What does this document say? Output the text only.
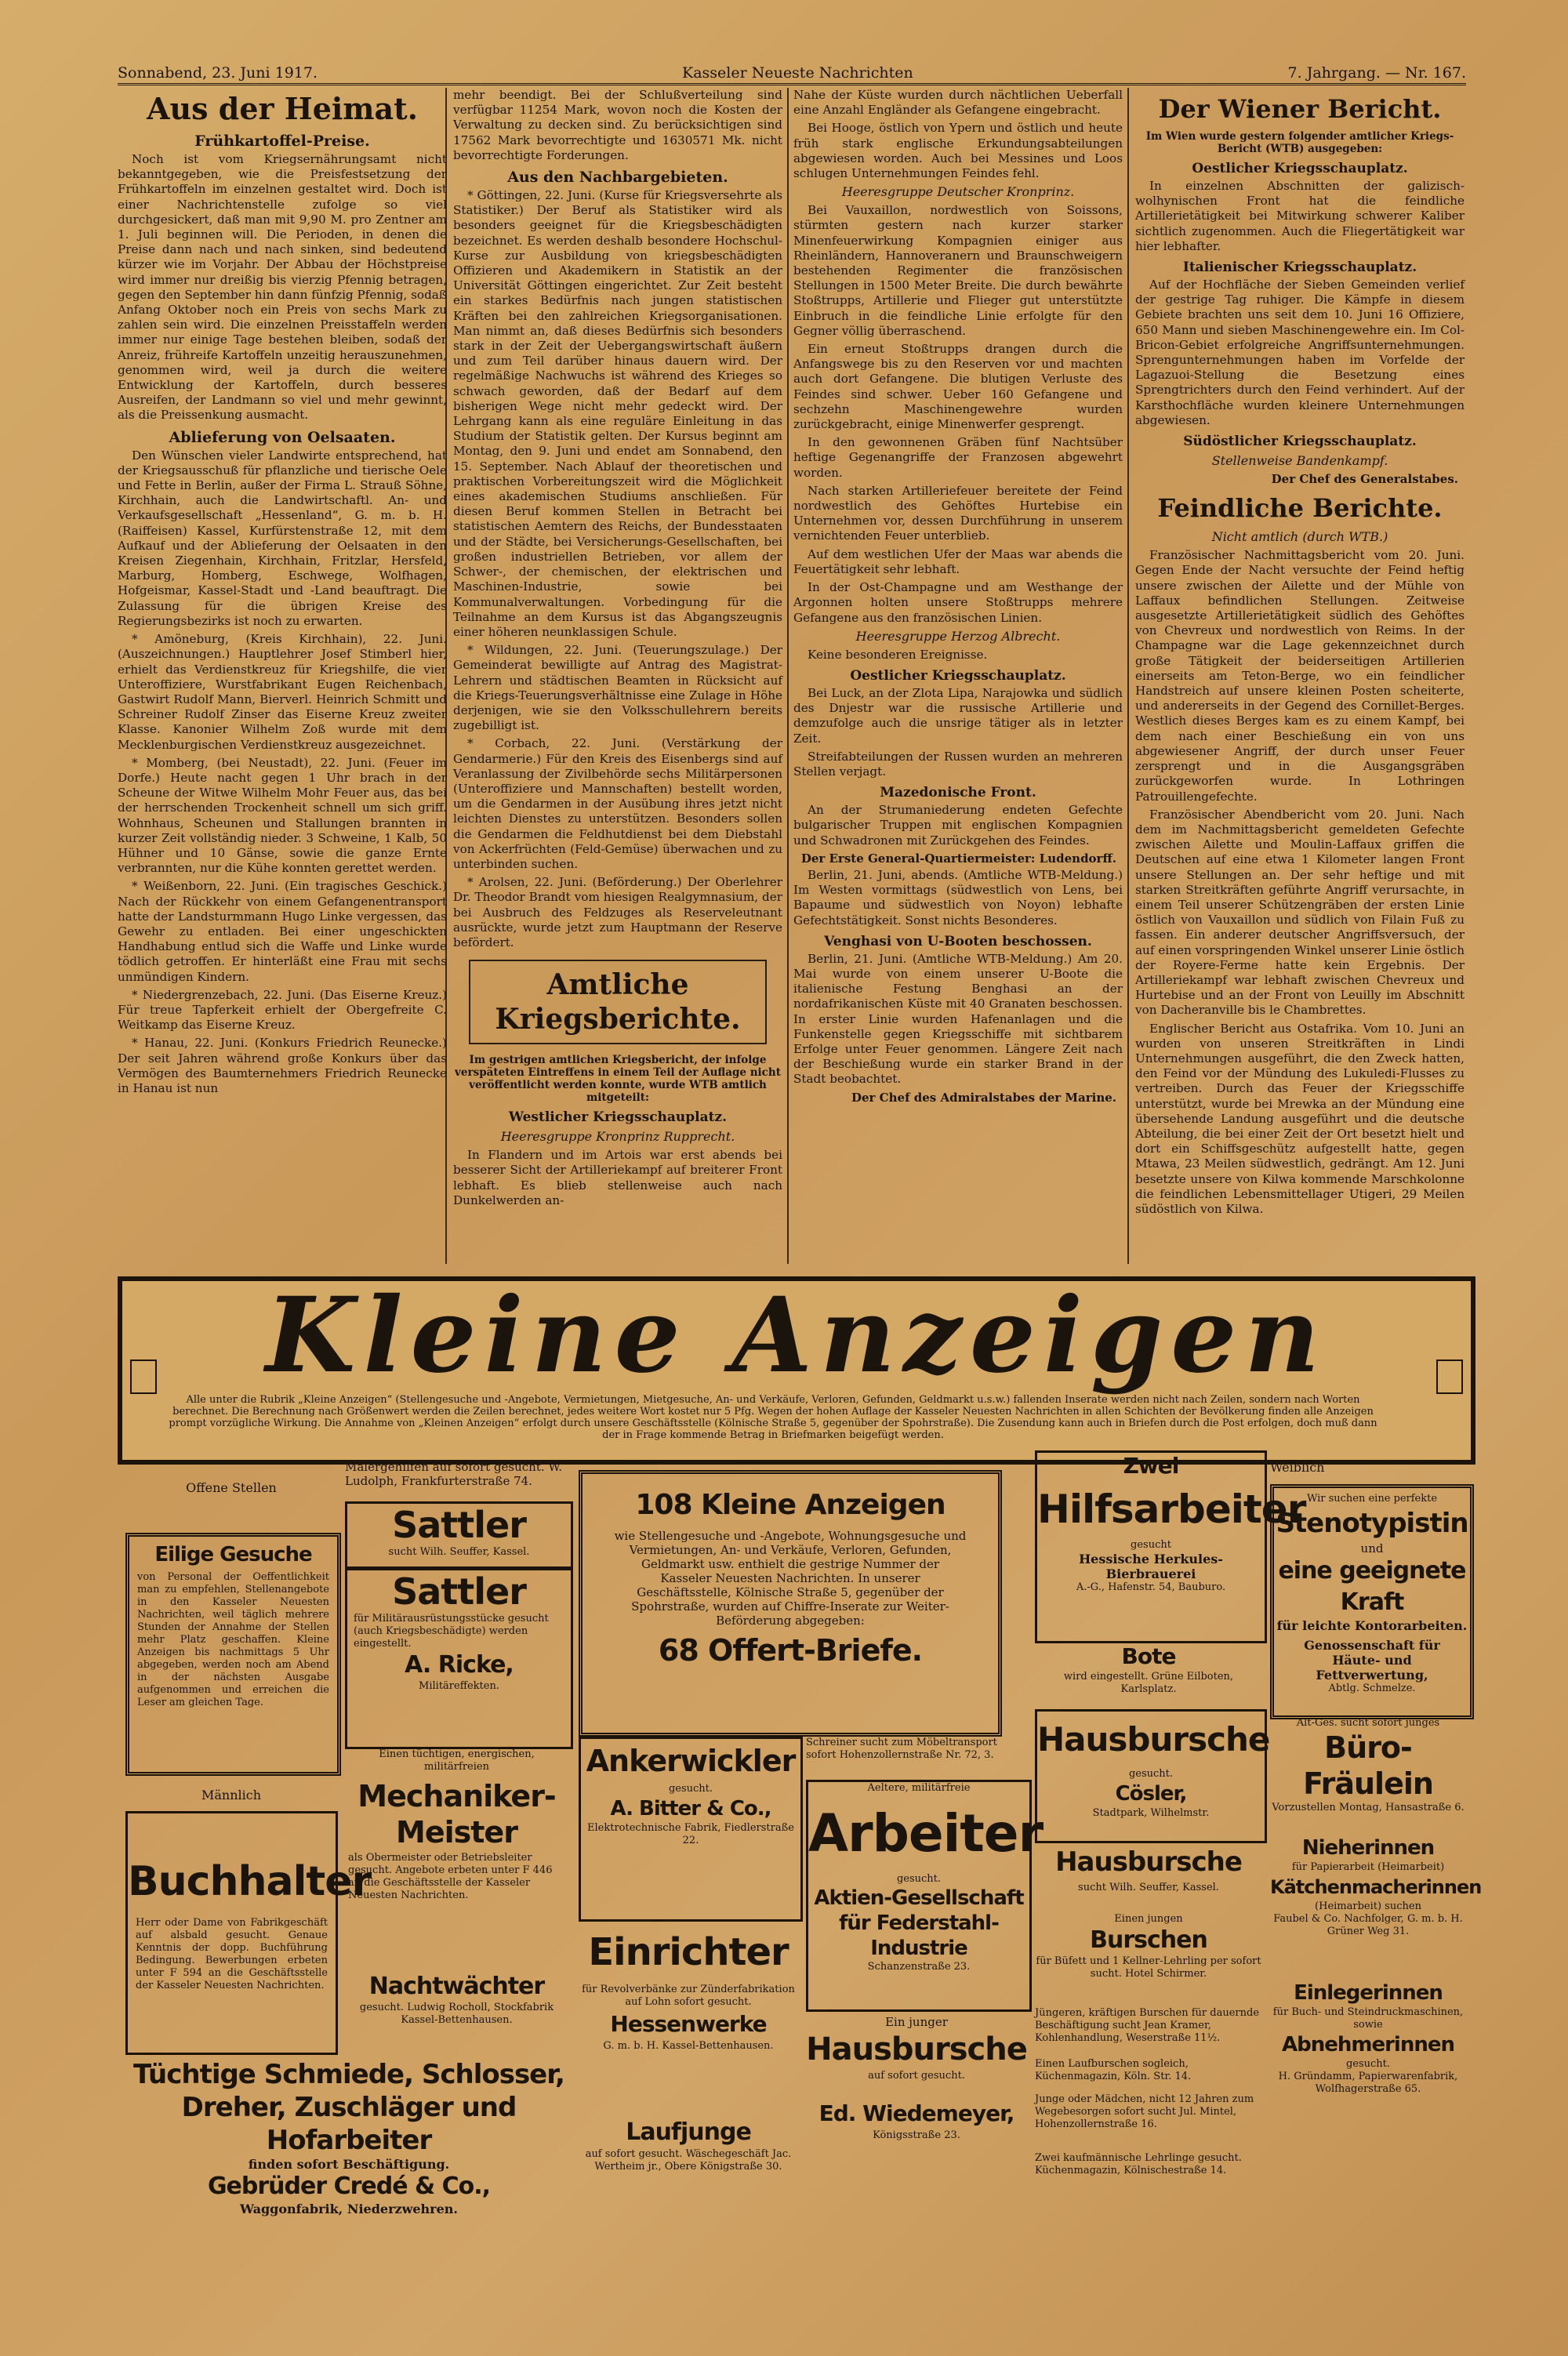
Sonnabend, 23. Juni 1917.	Kasseler Neueste Nachrichten	7. Jahrgang. — Nr. 167.
Aus der Heimat.
Frühkartoffel-Preise.

Noch ist vom Kriegsernährungsamt nicht bekanntgegeben, wie die Preisfestsetzung der Frühkartoffeln im einzelnen gestaltet wird. Doch ist einer Nachrichtenstelle zufolge so viel durchgesickert, daß man mit 9,90 M. pro Zentner am 1. Juli beginnen will. Die Perioden, in denen die Preise dann nach und nach sinken, sind bedeutend kürzer wie im Vorjahr. Der Abbau der Höchstpreise wird immer nur dreißig bis vierzig Pfennig betragen, gegen den September hin dann fünfzig Pfennig, sodaß Anfang Oktober noch ein Preis von sechs Mark zu zahlen sein wird. Die einzelnen Preisstaffeln werden immer nur einige Tage bestehen bleiben, sodaß der Anreiz, frühreife Kartoffeln unzeitig herauszunehmen, genommen wird, weil ja durch die weitere Entwicklung der Kartoffeln, durch besseres Ausreifen, der Landmann so viel und mehr gewinnt, als die Preissenkung ausmacht.

Ablieferung von Oelsaaten.

Den Wünschen vieler Landwirte entsprechend, hat der Kriegsausschuß für pflanzliche und tierische Oele und Fette in Berlin, außer der Firma L. Strauß Söhne, Kirchhain, auch die Landwirtschaftl. An- und Verkaufsgesellschaft „Hessenland“, G. m. b. H. (Raiffeisen) Kassel, Kurfürstenstraße 12, mit dem Aufkauf und der Ablieferung der Oelsaaten in den Kreisen Ziegenhain, Kirchhain, Fritzlar, Hersfeld, Marburg, Homberg, Eschwege, Wolfhagen, Hofgeismar, Kassel-Stadt und -Land beauftragt. Die Zulassung für die übrigen Kreise des Regierungsbezirks ist noch zu erwarten.

* Amöneburg, (Kreis Kirchhain), 22. Juni. (Auszeichnungen.) Hauptlehrer Josef Stimberl hier, erhielt das Verdienstkreuz für Kriegshilfe, die vier Unteroffiziere, Wurstfabrikant Eugen Reichenbach, Gastwirt Rudolf Mann, Bierverl. Heinrich Schmitt und Schreiner Rudolf Zinser das Eiserne Kreuz zweiter Klasse. Kanonier Wilhelm Zoß wurde mit dem Mecklenburgischen Verdienstkreuz ausgezeichnet.

* Momberg, (bei Neustadt), 22. Juni. (Feuer im Dorfe.) Heute nacht gegen 1 Uhr brach in der Scheune der Witwe Wilhelm Mohr Feuer aus, das bei der herrschenden Trockenheit schnell um sich griff. Wohnhaus, Scheunen und Stallungen brannten in kurzer Zeit vollständig nieder. 3 Schweine, 1 Kalb, 50 Hühner und 10 Gänse, sowie die ganze Ernte verbrannten, nur die Kühe konnten gerettet werden.

* Weißenborn, 22. Juni. (Ein tragisches Geschick.) Nach der Rückkehr von einem Gefangenentransport hatte der Landsturmmann Hugo Linke vergessen, das Gewehr zu entladen. Bei einer ungeschickten Handhabung entlud sich die Waffe und Linke wurde tödlich getroffen. Er hinterläßt eine Frau mit sechs unmündigen Kindern.

* Niedergrenzebach, 22. Juni. (Das Eiserne Kreuz.) Für treue Tapferkeit erhielt der Obergefreite C. Weitkamp das Eiserne Kreuz.

* Hanau, 22. Juni. (Konkurs Friedrich Reunecke.) Der seit Jahren während große Konkurs über das Vermögen des Baumternehmers Friedrich Reunecke in Hanau ist nun

mehr beendigt. Bei der Schlußverteilung sind verfügbar 11254 Mark, wovon noch die Kosten der Verwaltung zu decken sind. Zu berücksichtigen sind 17562 Mark bevorrechtigte und 1630571 Mk. nicht bevorrechtigte Forderungen.

Aus den Nachbargebieten.

* Göttingen, 22. Juni. (Kurse für Kriegsversehrte als Statistiker.) Der Beruf als Statistiker wird als besonders geeignet für die Kriegsbeschädigten bezeichnet. Es werden deshalb besondere Hochschul-Kurse zur Ausbildung von kriegsbeschädigten Offizieren und Akademikern in Statistik an der Universität Göttingen eingerichtet. Zur Zeit besteht ein starkes Bedürfnis nach jungen statistischen Kräften bei den zahlreichen Kriegsorganisationen. Man nimmt an, daß dieses Bedürfnis sich besonders stark in der Zeit der Uebergangswirtschaft äußern und zum Teil darüber hinaus dauern wird. Der regelmäßige Nachwuchs ist während des Krieges so schwach geworden, daß der Bedarf auf dem bisherigen Wege nicht mehr gedeckt wird. Der Lehrgang kann als eine reguläre Einleitung in das Studium der Statistik gelten. Der Kursus beginnt am Montag, den 9. Juni und endet am Sonnabend, den 15. September. Nach Ablauf der theoretischen und praktischen Vorbereitungszeit wird die Möglichkeit eines akademischen Studiums anschließen. Für diesen Beruf kommen Stellen in Betracht bei statistischen Aemtern des Reichs, der Bundesstaaten und der Städte, bei Versicherungs-Gesellschaften, bei großen industriellen Betrieben, vor allem der Schwer-, der chemischen, der elektrischen und Maschinen-Industrie, sowie bei Kommunalverwaltungen. Vorbedingung für die Teilnahme an dem Kursus ist das Abgangszeugnis einer höheren neunklassigen Schule.

* Wildungen, 22. Juni. (Teuerungszulage.) Der Gemeinderat bewilligte auf Antrag des Magistrat-Lehrern und städtischen Beamten in Rücksicht auf die Kriegs-Teuerungsverhältnisse eine Zulage in Höhe derjenigen, wie sie den Volksschullehrern bereits zugebilligt ist.

* Corbach, 22. Juni. (Verstärkung der Gendarmerie.) Für den Kreis des Eisenbergs sind auf Veranlassung der Zivilbehörde sechs Militärpersonen (Unteroffiziere und Mannschaften) bestellt worden, um die Gendarmen in der Ausübung ihres jetzt nicht leichten Dienstes zu unterstützen. Besonders sollen die Gendarmen die Feldhutdienst bei dem Diebstahl von Ackerfrüchten (Feld-Gemüse) überwachen und zu unterbinden suchen.

* Arolsen, 22. Juni. (Beförderung.) Der Oberlehrer Dr. Theodor Brandt vom hiesigen Realgymnasium, der bei Ausbruch des Feldzuges als Reserveleutnant ausrückte, wurde jetzt zum Hauptmann der Reserve befördert.

Amtliche Kriegsberichte.
Im gestrigen amtlichen Kriegsbericht, der infolge verspäteten Eintreffens in einem Teil der Auflage nicht veröffentlicht werden konnte, wurde WTB amtlich mitgeteilt:
Westlicher Kriegsschauplatz.
Heeresgruppe Kronprinz Rupprecht.

In Flandern und im Artois war erst abends bei besserer Sicht der Artilleriekampf auf breiterer Front lebhaft. Es blieb stellenweise auch nach Dunkelwerden an-

Nahe der Küste wurden durch nächtlichen Ueberfall eine Anzahl Engländer als Gefangene eingebracht.

Bei Hooge, östlich von Ypern und östlich und heute früh stark englische Erkundungsabteilungen abgewiesen worden. Auch bei Messines und Loos schlugen Unternehmungen Feindes fehl.

Heeresgruppe Deutscher Kronprinz.

Bei Vauxaillon, nordwestlich von Soissons, stürmten gestern nach kurzer starker Minenfeuerwirkung Kompagnien einiger aus Rheinländern, Hannoveranern und Braunschweigern bestehenden Regimenter die französischen Stellungen in 1500 Meter Breite. Die durch bewährte Stoßtrupps, Artillerie und Flieger gut unterstützte Einbruch in die feindliche Linie erfolgte für den Gegner völlig überraschend.

Ein erneut Stoßtrupps drangen durch die Anfangswege bis zu den Reserven vor und machten auch dort Gefangene. Die blutigen Verluste des Feindes sind schwer. Ueber 160 Gefangene und sechzehn Maschinengewehre wurden zurückgebracht, einige Minenwerfer gesprengt.

In den gewonnenen Gräben fünf Nachtsüber heftige Gegenangriffe der Franzosen abgewehrt worden.

Nach starken Artilleriefeuer bereitete der Feind nordwestlich des Gehöftes Hurtebise ein Unternehmen vor, dessen Durchführung in unserem vernichtenden Feuer unterblieb.

Auf dem westlichen Ufer der Maas war abends die Feuertätigkeit sehr lebhaft.

In der Ost-Champagne und am Westhange der Argonnen holten unsere Stoßtrupps mehrere Gefangene aus den französischen Linien.

Heeresgruppe Herzog Albrecht.

Keine besonderen Ereignisse.

Oestlicher Kriegsschauplatz.

Bei Luck, an der Zlota Lipa, Narajowka und südlich des Dnjestr war die russische Artillerie und demzufolge auch die unsrige tätiger als in letzter Zeit.

Streifabteilungen der Russen wurden an mehreren Stellen verjagt.

Mazedonische Front.

An der Strumaniederung endeten Gefechte bulgarischer Truppen mit englischen Kompagnien und Schwadronen mit Zurückgehen des Feindes.

Der Erste General-Quartiermeister: Ludendorff.

Berlin, 21. Juni, abends. (Amtliche WTB-Meldung.) Im Westen vormittags (südwestlich von Lens, bei Bapaume und südwestlich von Noyon) lebhafte Gefechtstätigkeit. Sonst nichts Besonderes.

Venghasi von U-Booten beschossen.

Berlin, 21. Juni. (Amtliche WTB-Meldung.) Am 20. Mai wurde von einem unserer U-Boote die italienische Festung Benghasi an der nordafrikanischen Küste mit 40 Granaten beschossen. In erster Linie wurden Hafenanlagen und die Funkenstelle gegen Kriegsschiffe mit sichtbarem Erfolge unter Feuer genommen. Längere Zeit nach der Beschießung wurde ein starker Brand in der Stadt beobachtet.

Der Chef des Admiralstabes der Marine.
Der Wiener Bericht.
Im Wien wurde gestern folgender amtlicher Kriegs-Bericht (WTB) ausgegeben:
Oestlicher Kriegsschauplatz.

In einzelnen Abschnitten der galizisch-wolhynischen Front hat die feindliche Artillerietätigkeit bei Mitwirkung schwerer Kaliber sichtlich zugenommen. Auch die Fliegertätigkeit war hier lebhafter.

Italienischer Kriegsschauplatz.

Auf der Hochfläche der Sieben Gemeinden verlief der gestrige Tag ruhiger. Die Kämpfe in diesem Gebiete brachten uns seit dem 10. Juni 16 Offiziere, 650 Mann und sieben Maschinengewehre ein. Im Col-Bricon-Gebiet erfolgreiche Angriffsunternehmungen. Sprengunternehmungen haben im Vorfelde der Lagazuoi-Stellung die Besetzung eines Sprengtrichters durch den Feind verhindert. Auf der Karsthochfläche wurden kleinere Unternehmungen abgewiesen.

Südöstlicher Kriegsschauplatz.
Stellenweise Bandenkampf.
Der Chef des Generalstabes.
Feindliche Berichte.
Nicht amtlich (durch WTB.)

Französischer Nachmittagsbericht vom 20. Juni. Gegen Ende der Nacht versuchte der Feind heftig unsere zwischen der Ailette und der Mühle von Laffaux befindlichen Stellungen. Zeitweise ausgesetzte Artillerietätigkeit südlich des Gehöftes von Chevreux und nordwestlich von Reims. In der Champagne war die Lage gekennzeichnet durch große Tätigkeit der beiderseitigen Artillerien einerseits am Teton-Berge, wo ein feindlicher Handstreich auf unsere kleinen Posten scheiterte, und andererseits in der Gegend des Cornillet-Berges. Westlich dieses Berges kam es zu einem Kampf, bei dem nach einer Beschießung ein von uns abgewiesener Angriff, der durch unser Feuer zersprengt und in die Ausgangsgräben zurückgeworfen wurde. In Lothringen Patrouillengefechte.

Französischer Abendbericht vom 20. Juni. Nach dem im Nachmittagsbericht gemeldeten Gefechte zwischen Ailette und Moulin-Laffaux griffen die Deutschen auf eine etwa 1 Kilometer langen Front unsere Stellungen an. Der sehr heftige und mit starken Streitkräften geführte Angriff verursachte, in einem Teil unserer Schützengräben der ersten Linie östlich von Vauxaillon und südlich von Filain Fuß zu fassen. Ein anderer deutscher Angriffsversuch, der auf einen vorspringenden Winkel unserer Linie östlich der Royere-Ferme hatte kein Ergebnis. Der Artilleriekampf war lebhaft zwischen Chevreux und Hurtebise und an der Front von Leuilly im Abschnitt von Dacheranville bis le Chambrettes.

Englischer Bericht aus Ostafrika. Vom 10. Juni an wurden von unseren Streitkräften in Lindi Unternehmungen ausgeführt, die den Zweck hatten, den Feind vor der Mündung des Lukuledi-Flusses zu vertreiben. Durch das Feuer der Kriegsschiffe unterstützt, wurde bei Mrewka an der Mündung eine übersehende Landung ausgeführt und die deutsche Abteilung, die bei einer Zeit der Ort besetzt hielt und dort ein Schiffsgeschütz aufgestellt hatte, gegen Mtawa, 23 Meilen südwestlich, gedrängt. Am 12. Juni besetzte unsere von Kilwa kommende Marschkolonne die feindlichen Lebensmittellager Utigeri, 29 Meilen südöstlich von Kilwa.

Kleine Anzeigen
Alle unter die Rubrik „Kleine Anzeigen“ (Stellengesuche und -Angebote, Vermietungen, Mietgesuche, An- und Verkäufe, Verloren, Gefunden, Geldmarkt u.s.w.) fallenden Inserate werden nicht nach Zeilen, sondern nach Worten berechnet. Die Berechnung nach Größenwert werden die Zeilen berechnet, jedes weitere Wort kostet nur 5 Pfg. Wegen der hohen Auflage der Kasseler Neuesten Nachrichten in allen Schichten der Bevölkerung finden alle Anzeigen prompt vorzügliche Wirkung. Die Annahme von „Kleinen Anzeigen“ erfolgt durch unsere Geschäftsstelle (Kölnische Straße 5, gegenüber der Spohrstraße). Die Zusendung kann auch in Briefen durch die Post erfolgen, doch muß dann der in Frage kommende Betrag in Briefmarken beigefügt werden.
Offene Stellen
Eilige Gesuche
von Personal der Oeffentlichkeit man zu empfehlen, Stellenangebote in den Kasseler Neuesten Nachrichten, weil täglich mehrere Stunden der Annahme der Stellen mehr Platz geschaffen. Kleine Anzeigen bis nachmittags 5 Uhr abgegeben, werden noch am Abend in der nächsten Ausgabe aufgenommen und erreichen die Leser am gleichen Tage.
Männlich
Buchhalter
Herr oder Dame von Fabrikgeschäft auf alsbald gesucht. Genaue Kenntnis der dopp. Buchführung Bedingung. Bewerbungen erbeten unter F 594 an die Geschäftsstelle der Kasseler Neuesten Nachrichten.
Malergehilfen auf sofort gesucht. W. Ludolph, Frankfurterstraße 74.
Sattler
sucht Wilh. Seuffer, Kassel.
Sattler
für Militärausrüstungsstücke gesucht (auch Kriegsbeschädigte) werden eingestellt.
A. Ricke,
Militäreffekten.
Einen tüchtigen, energischen, militärfreien
Mechaniker-Meister
als Obermeister oder Betriebsleiter gesucht. Angebote erbeten unter F 446 an die Geschäftsstelle der Kasseler Neuesten Nachrichten.
Nachtwächter
gesucht. Ludwig Rocholl, Stockfabrik Kassel-Bettenhausen.
Tüchtige Schmiede, Schlosser, Dreher, Zuschläger und Hofarbeiter
finden sofort Beschäftigung.
Gebrüder Credé & Co.,
Waggonfabrik, Niederzwehren.
108 Kleine Anzeigen
wie Stellengesuche und -Angebote, Wohnungsgesuche und Vermietungen, An- und Verkäufe, Verloren, Gefunden, Geldmarkt usw. enthielt die gestrige Nummer der Kasseler Neuesten Nachrichten. In unserer Geschäftsstelle, Kölnische Straße 5, gegenüber der Spohrstraße, wurden auf Chiffre-Inserate zur Weiter-Beförderung abgegeben:
68 Offert-Briefe.
Ankerwickler
gesucht.
A. Bitter & Co.,
Elektrotechnische Fabrik, Fiedlerstraße 22.
Einrichter
für Revolverbänke zur Zünderfabrikation auf Lohn sofort gesucht.
Hessenwerke
G. m. b. H. Kassel-Bettenhausen.
Laufjunge
auf sofort gesucht. Wäschegeschäft Jac. Wertheim jr., Obere Königstraße 30.
Schreiner sucht zum Möbeltransport sofort Hohenzollernstraße Nr. 72, 3.
Aeltere, militärfreie
Arbeiter
gesucht.
Aktien-Gesellschaft für Federstahl-Industrie
Schanzenstraße 23.
Ein junger
Hausbursche
auf sofort gesucht.
Ed. Wiedemeyer,
Königsstraße 23.
Zwei
Hilfsarbeiter
gesucht
Hessische Herkules-Bierbrauerei
A.-G., Hafenstr. 54, Bauburo.
Bote
wird eingestellt. Grüne Eilboten, Karlsplatz.
Hausbursche
gesucht.
Cösler,
Stadtpark, Wilhelmstr.
Hausbursche
sucht Wilh. Seuffer, Kassel.
Einen jungen
Burschen
für Büfett und 1 Kellner-Lehrling per sofort sucht. Hotel Schirmer.
Jüngeren, kräftigen Burschen für dauernde Beschäftigung sucht Jean Kramer, Kohlenhandlung, Weserstraße 11½.
Einen Laufburschen sogleich, Küchenmagazin, Köln. Str. 14.
Junge oder Mädchen, nicht 12 Jahren zum Wegebesorgen sofort sucht Jul. Mintel, Hohenzollernstraße 16.
Zwei kaufmännische Lehrlinge gesucht. Küchenmagazin, Kölnischestraße 14.
Weiblich
Wir suchen eine perfekte
Stenotypistin
und
eine geeignete Kraft
für leichte Kontorarbeiten.
Genossenschaft für Häute- und Fettverwertung,
Abtlg. Schmelze.
Alt-Ges. sucht sofort junges
Büro-Fräulein
Vorzustellen Montag, Hansastraße 6.
Nieherinnen
für Papierarbeit (Heimarbeit)
Kätchenmacherinnen
(Heimarbeit) suchen
Faubel & Co. Nachfolger, G. m. b. H. Grüner Weg 31.
Einlegerinnen
für Buch- und Steindruckmaschinen, sowie
Abnehmerinnen
gesucht.
H. Gründamm, Papierwarenfabrik, Wolfhagerstraße 65.
